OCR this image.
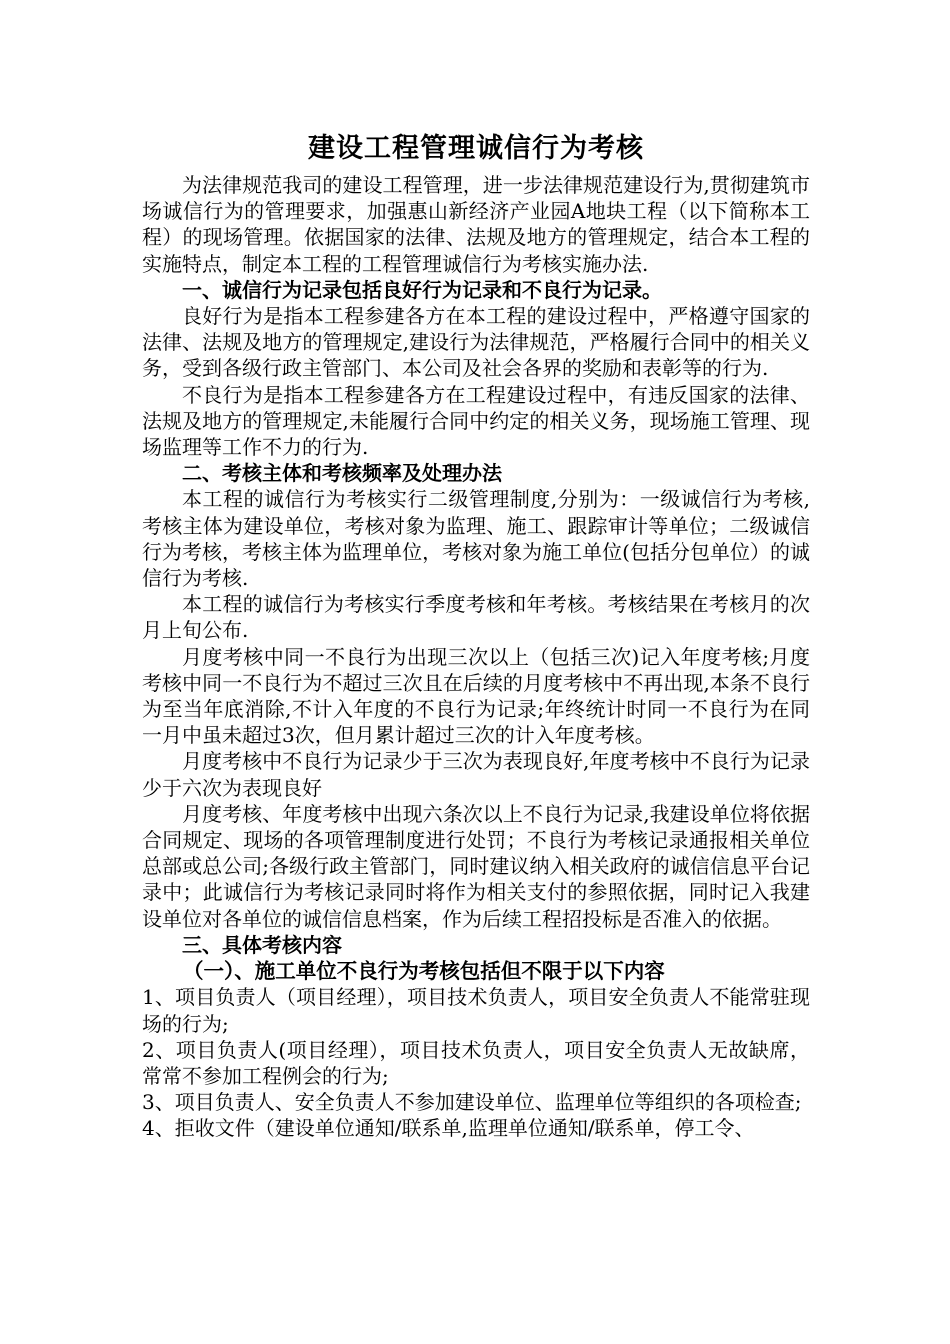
建设工程管理诚信行为考核

为法律规范我司的建设工程管理，进一步法律规范建设行为,贯彻建筑市场诚信行为的管理要求，加强惠山新经济产业园A地块工程（以下简称本工程）的现场管理。依据国家的法律、法规及地方的管理规定，结合本工程的实施特点，制定本工程的工程管理诚信行为考核实施办法.

一、诚信行为记录包括良好行为记录和不良行为记录。

良好行为是指本工程参建各方在本工程的建设过程中，严格遵守国家的法律、法规及地方的管理规定,建设行为法律规范，严格履行合同中的相关义务，受到各级行政主管部门、本公司及社会各界的奖励和表彰等的行为.

不良行为是指本工程参建各方在工程建设过程中，有违反国家的法律、法规及地方的管理规定,未能履行合同中约定的相关义务，现场施工管理、现场监理等工作不力的行为.

二、考核主体和考核频率及处理办法

本工程的诚信行为考核实行二级管理制度,分别为：一级诚信行为考核,考核主体为建设单位，考核对象为监理、施工、跟踪审计等单位；二级诚信行为考核，考核主体为监理单位，考核对象为施工单位(包括分包单位）的诚信行为考核.

本工程的诚信行为考核实行季度考核和年考核。考核结果在考核月的次月上旬公布.

月度考核中同一不良行为出现三次以上（包括三次)记入年度考核;月度考核中同一不良行为不超过三次且在后续的月度考核中不再出现,本条不良行为至当年底消除,不计入年度的不良行为记录;年终统计时同一不良行为在同一月中虽未超过3次，但月累计超过三次的计入年度考核。

月度考核中不良行为记录少于三次为表现良好,年度考核中不良行为记录少于六次为表现良好

月度考核、年度考核中出现六条次以上不良行为记录,我建设单位将依据合同规定、现场的各项管理制度进行处罚；不良行为考核记录通报相关单位总部或总公司;各级行政主管部门，同时建议纳入相关政府的诚信信息平台记录中；此诚信行为考核记录同时将作为相关支付的参照依据，同时记入我建设单位对各单位的诚信信息档案，作为后续工程招投标是否准入的依据。

三、具体考核内容

（一）、施工单位不良行为考核包括但不限于以下内容

1、项目负责人（项目经理），项目技术负责人，项目安全负责人不能常驻现场的行为;

2、项目负责人(项目经理），项目技术负责人，项目安全负责人无故缺席，常常不参加工程例会的行为;

3、项目负责人、安全负责人不参加建设单位、监理单位等组织的各项检查;

4、拒收文件（建设单位通知/联系单,监理单位通知/联系单，停工令、
